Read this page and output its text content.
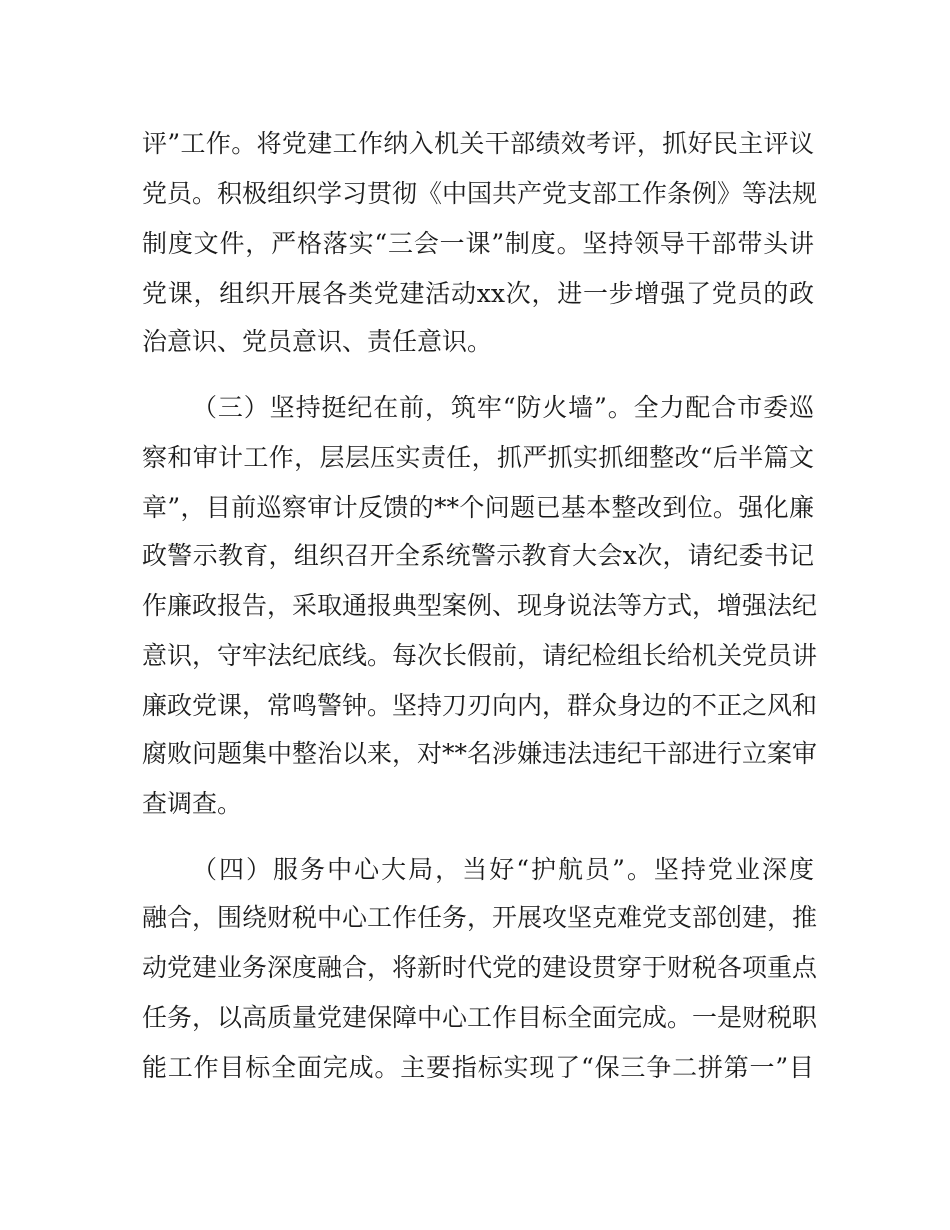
评”工作。将党建工作纳入机关干部绩效考评，抓好民主评议
党员。积极组织学习贯彻《中国共产党支部工作条例》等法规
制度文件，严格落实“三会一课”制度。坚持领导干部带头讲
党课，组织开展各类党建活动xx次，进一步增强了党员的政
治意识、党员意识、责任意识。
（三）坚持挺纪在前，筑牢“防火墙”。全力配合市委巡
察和审计工作，层层压实责任，抓严抓实抓细整改“后半篇文
章”，目前巡察审计反馈的**个问题已基本整改到位。强化廉
政警示教育，组织召开全系统警示教育大会x次，请纪委书记
作廉政报告，采取通报典型案例、现身说法等方式，增强法纪
意识，守牢法纪底线。每次长假前，请纪检组长给机关党员讲
廉政党课，常鸣警钟。坚持刀刃向内，群众身边的不正之风和
腐败问题集中整治以来，对**名涉嫌违法违纪干部进行立案审
查调查。
（四）服务中心大局，当好“护航员”。坚持党业深度
融合，围绕财税中心工作任务，开展攻坚克难党支部创建，推
动党建业务深度融合，将新时代党的建设贯穿于财税各项重点
任务，以高质量党建保障中心工作目标全面完成。一是财税职
能工作目标全面完成。主要指标实现了“保三争二拼第一”目
